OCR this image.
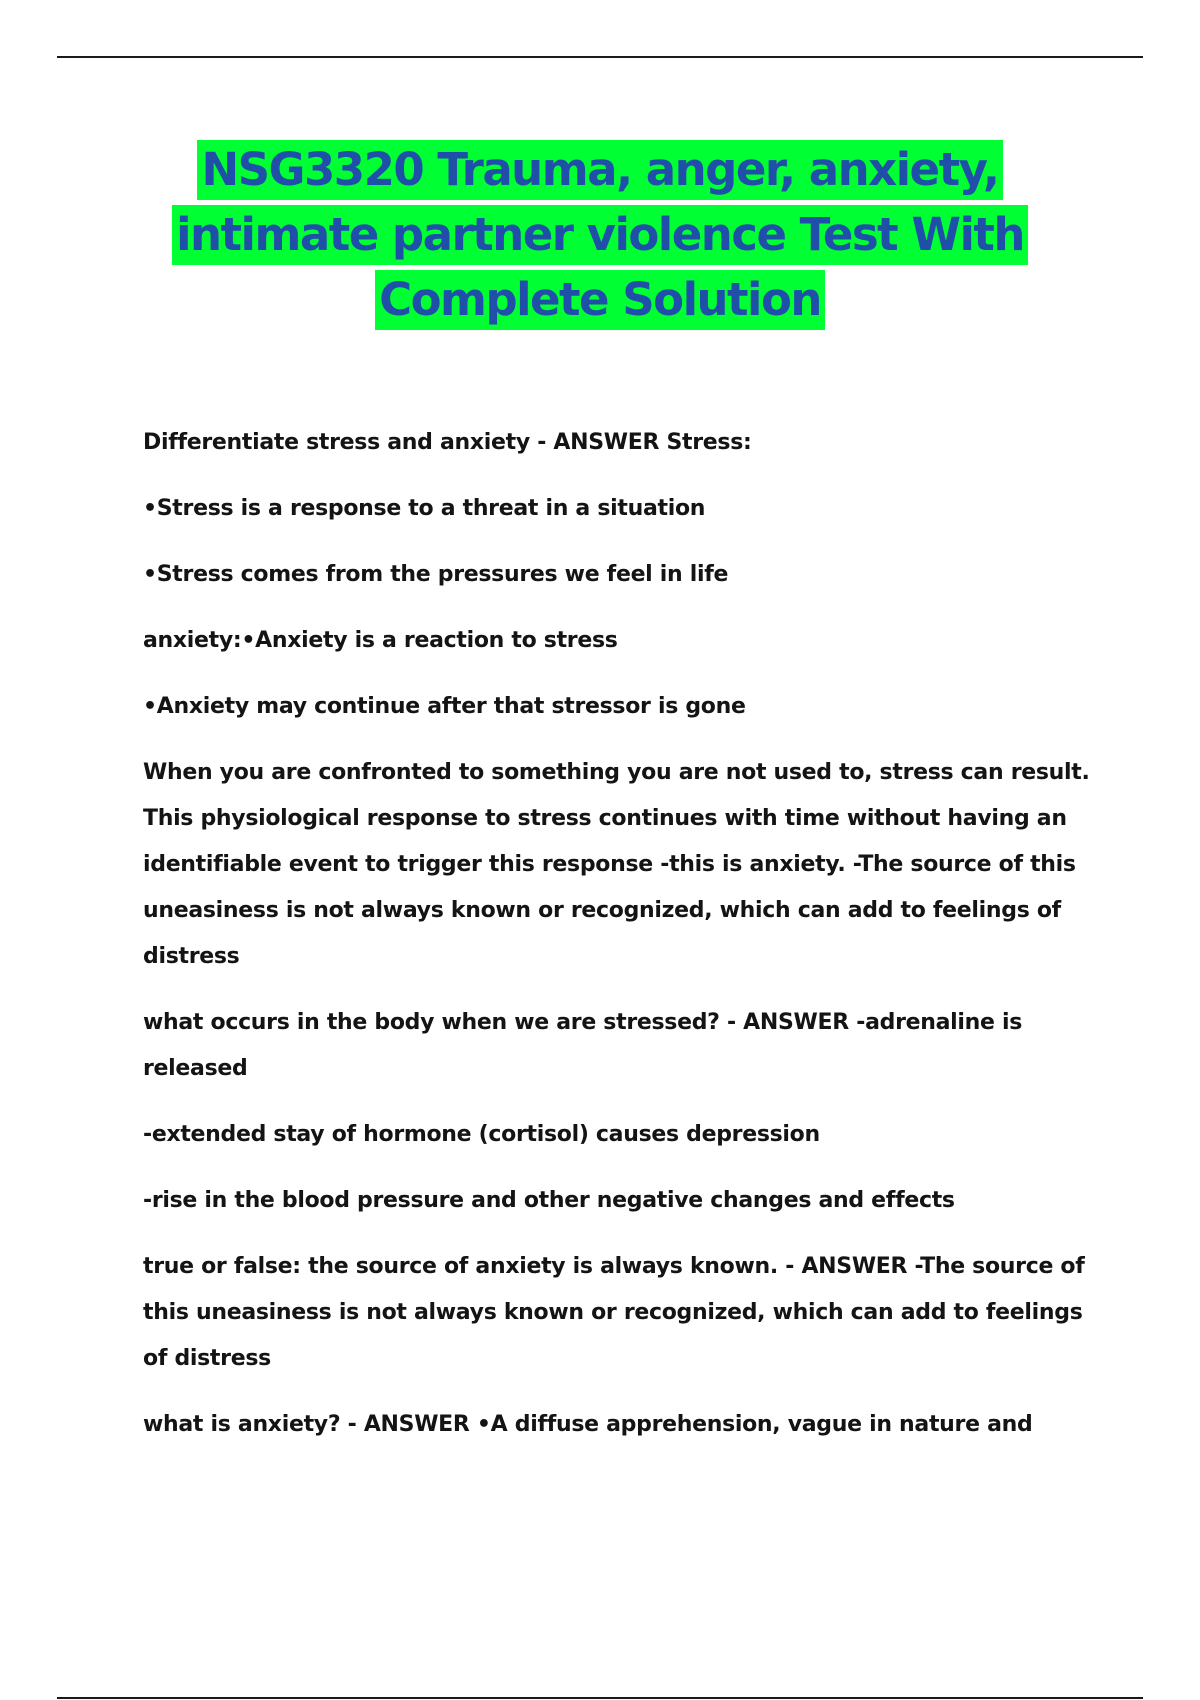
NSG3320 Trauma, anger, anxiety,
intimate partner violence Test With
Complete Solution

Differentiate stress and anxiety - ANSWER Stress:

•Stress is a response to a threat in a situation

•Stress comes from the pressures we feel in life

anxiety:•Anxiety is a reaction to stress

•Anxiety may continue after that stressor is gone

When you are confronted to something you are not used to, stress can result. This physiological response to stress continues with time without having an identifiable event to trigger this response -this is anxiety. -The source of this uneasiness is not always known or recognized, which can add to feelings of distress

what occurs in the body when we are stressed? - ANSWER -adrenaline is released

-extended stay of hormone (cortisol) causes depression

-rise in the blood pressure and other negative changes and effects

true or false: the source of anxiety is always known. - ANSWER -The source of this uneasiness is not always known or recognized, which can add to feelings of distress

what is anxiety? - ANSWER •A diffuse apprehension, vague in nature and
